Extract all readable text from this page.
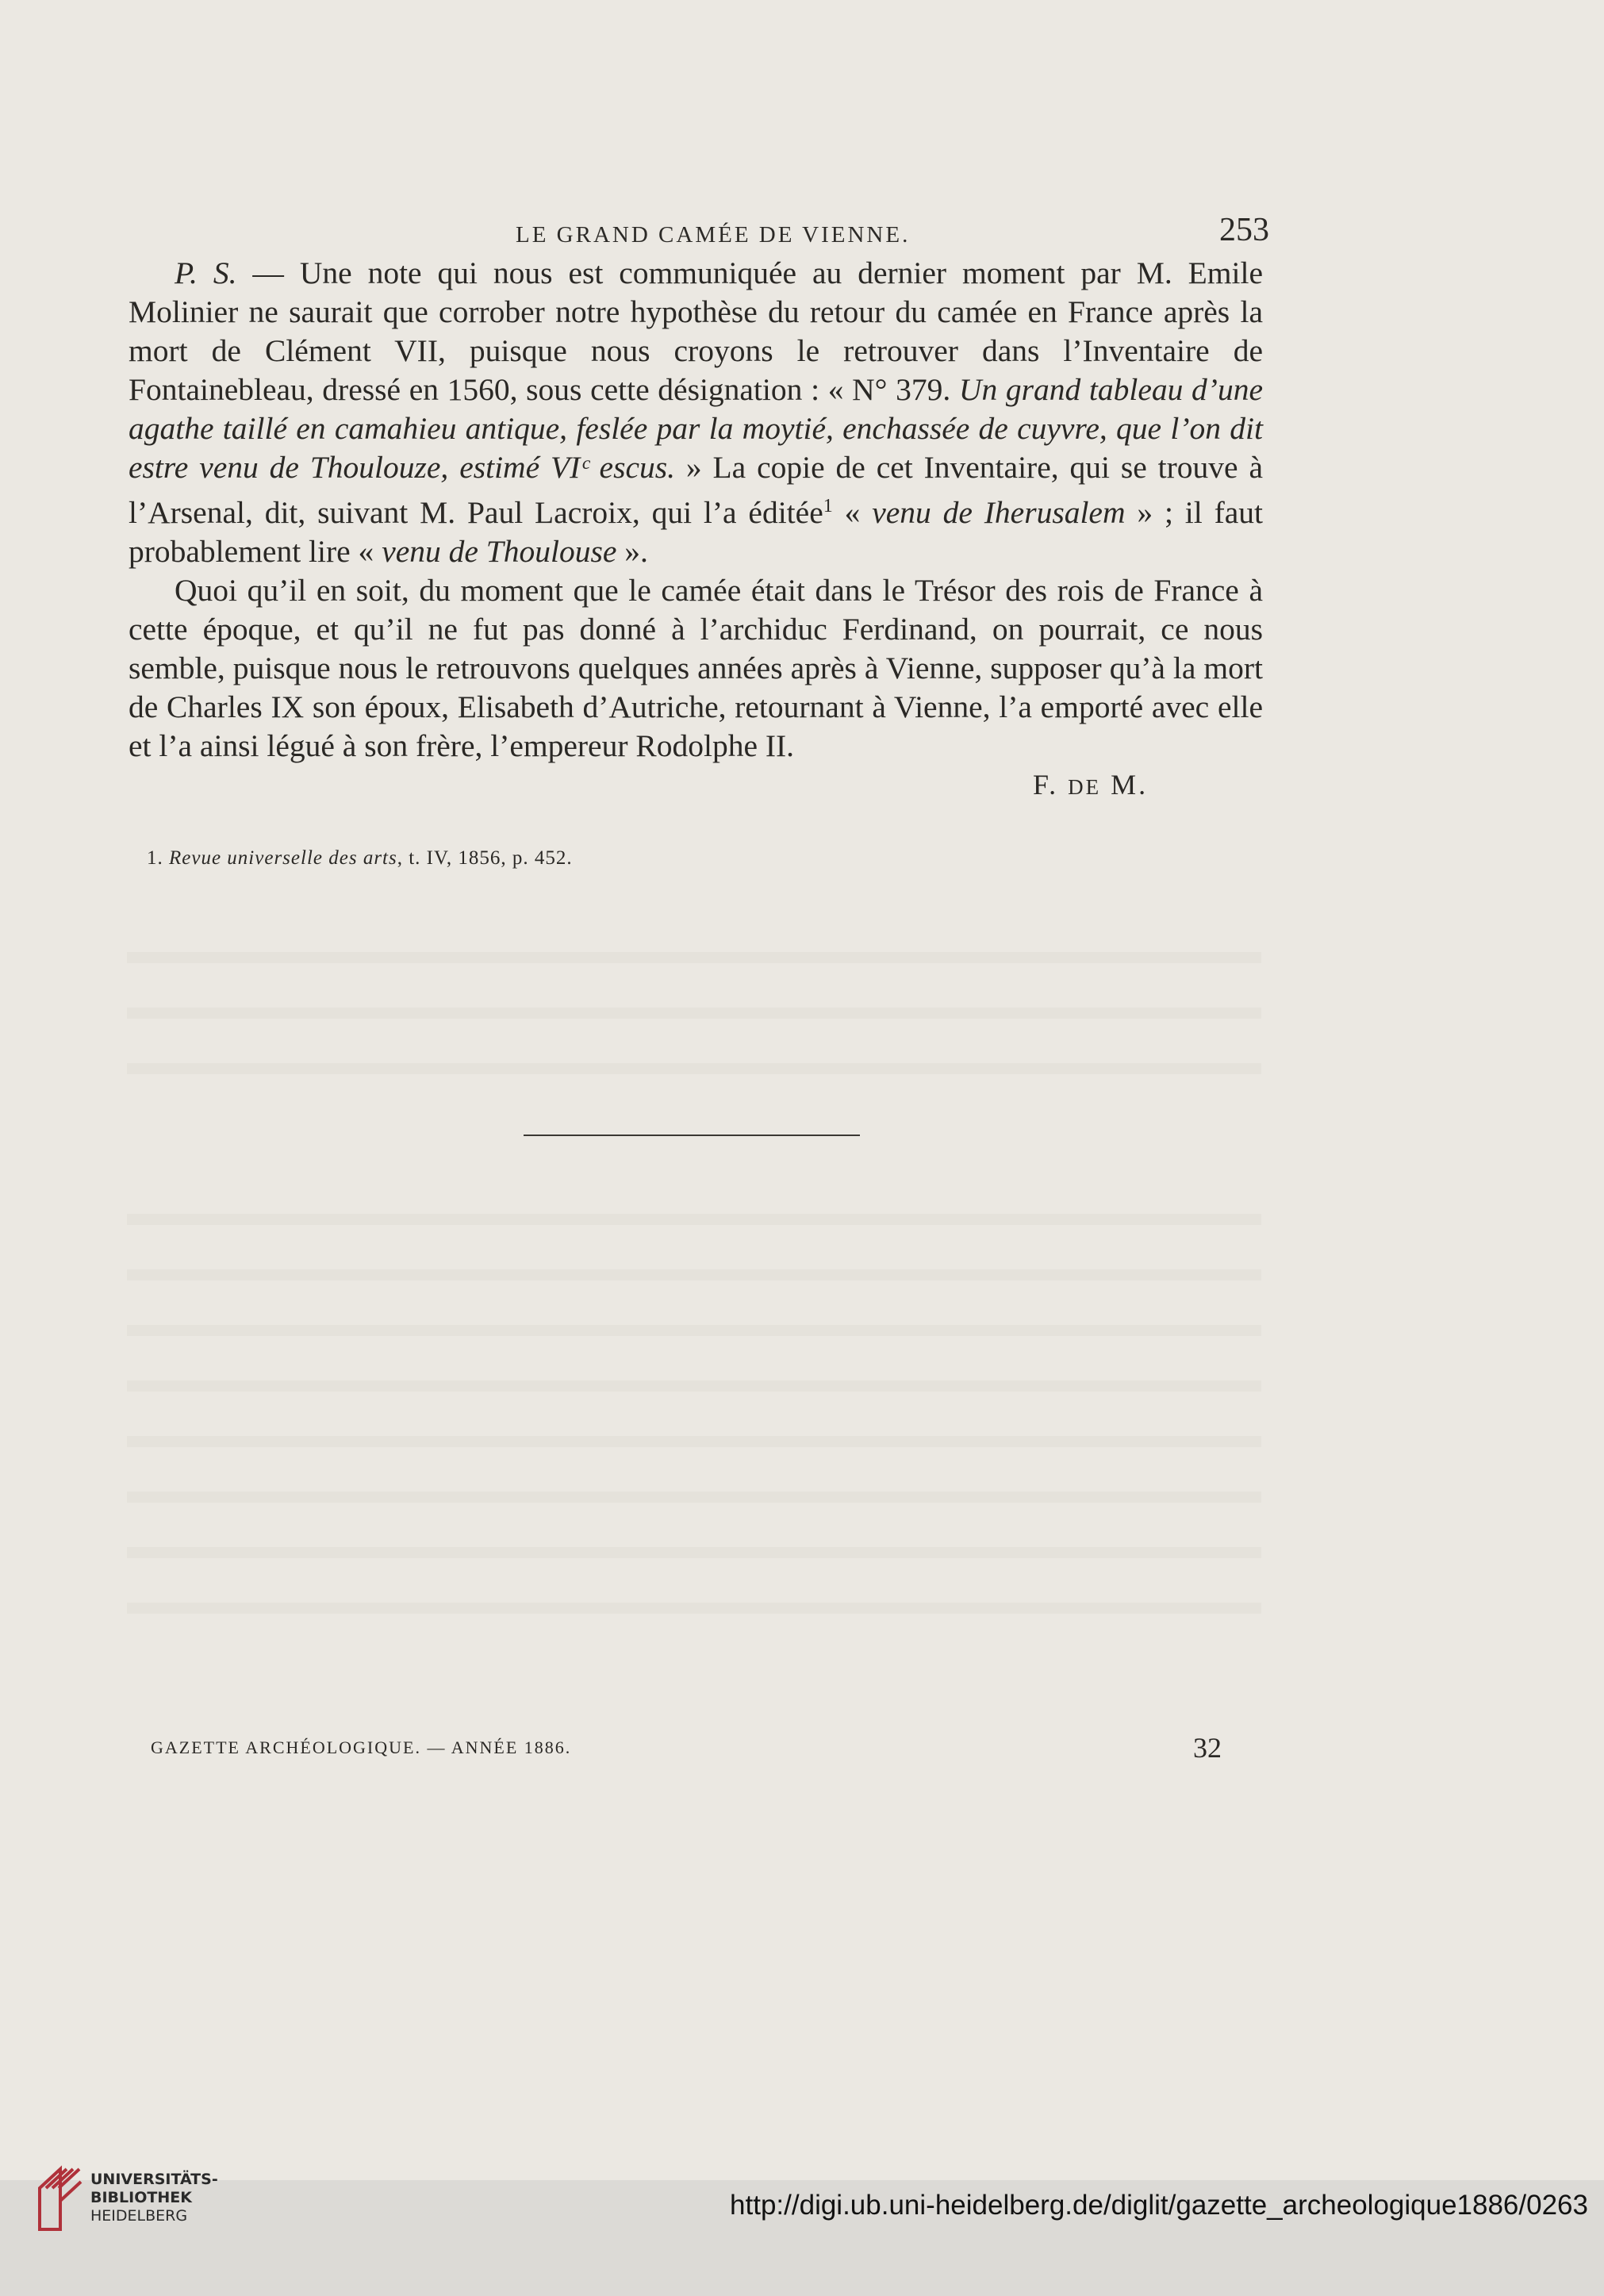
LE GRAND CAMÉE DE VIENNE.	253

P. S. — Une note qui nous est communiquée au dernier moment par M. Emile Molinier ne saurait que corrober notre hypothèse du retour du camée en France après la mort de Clément VII, puisque nous croyons le retrouver dans l’Inventaire de Fontainebleau, dressé en 1560, sous cette désignation : « N° 379. Un grand tableau d’une agathe taillé en camahieu antique, feslée par la moytié, enchassée de cuyvre, que l’on dit estre venu de Thoulouze, estimé VIᶜ escus. » La copie de cet Inventaire, qui se trouve à l’Arsenal, dit, suivant M. Paul Lacroix, qui l’a éditée$^1$ « venu de Iherusalem » ; il faut probablement lire « venu de Thoulouse ».

Quoi qu’il en soit, du moment que le camée était dans le Trésor des rois de France à cette époque, et qu’il ne fut pas donné à l’archiduc Ferdinand, on pourrait, ce nous semble, puisque nous le retrouvons quelques années après à Vienne, supposer qu’à la mort de Charles IX son époux, Elisabeth d’Autriche, retournant à Vienne, l’a emporté avec elle et l’a ainsi légué à son frère, l’empereur Rodolphe II.

F. DE M.
1. Revue universelle des arts, t. IV, 1856, p. 452.
GAZETTE ARCHÉOLOGIQUE. — ANNÉE 1886.	32
UNIVERSITÄTS-
BIBLIOTHEK
HEIDELBERG	http://digi.ub.uni-heidelberg.de/diglit/gazette_archeologique1886/0263
